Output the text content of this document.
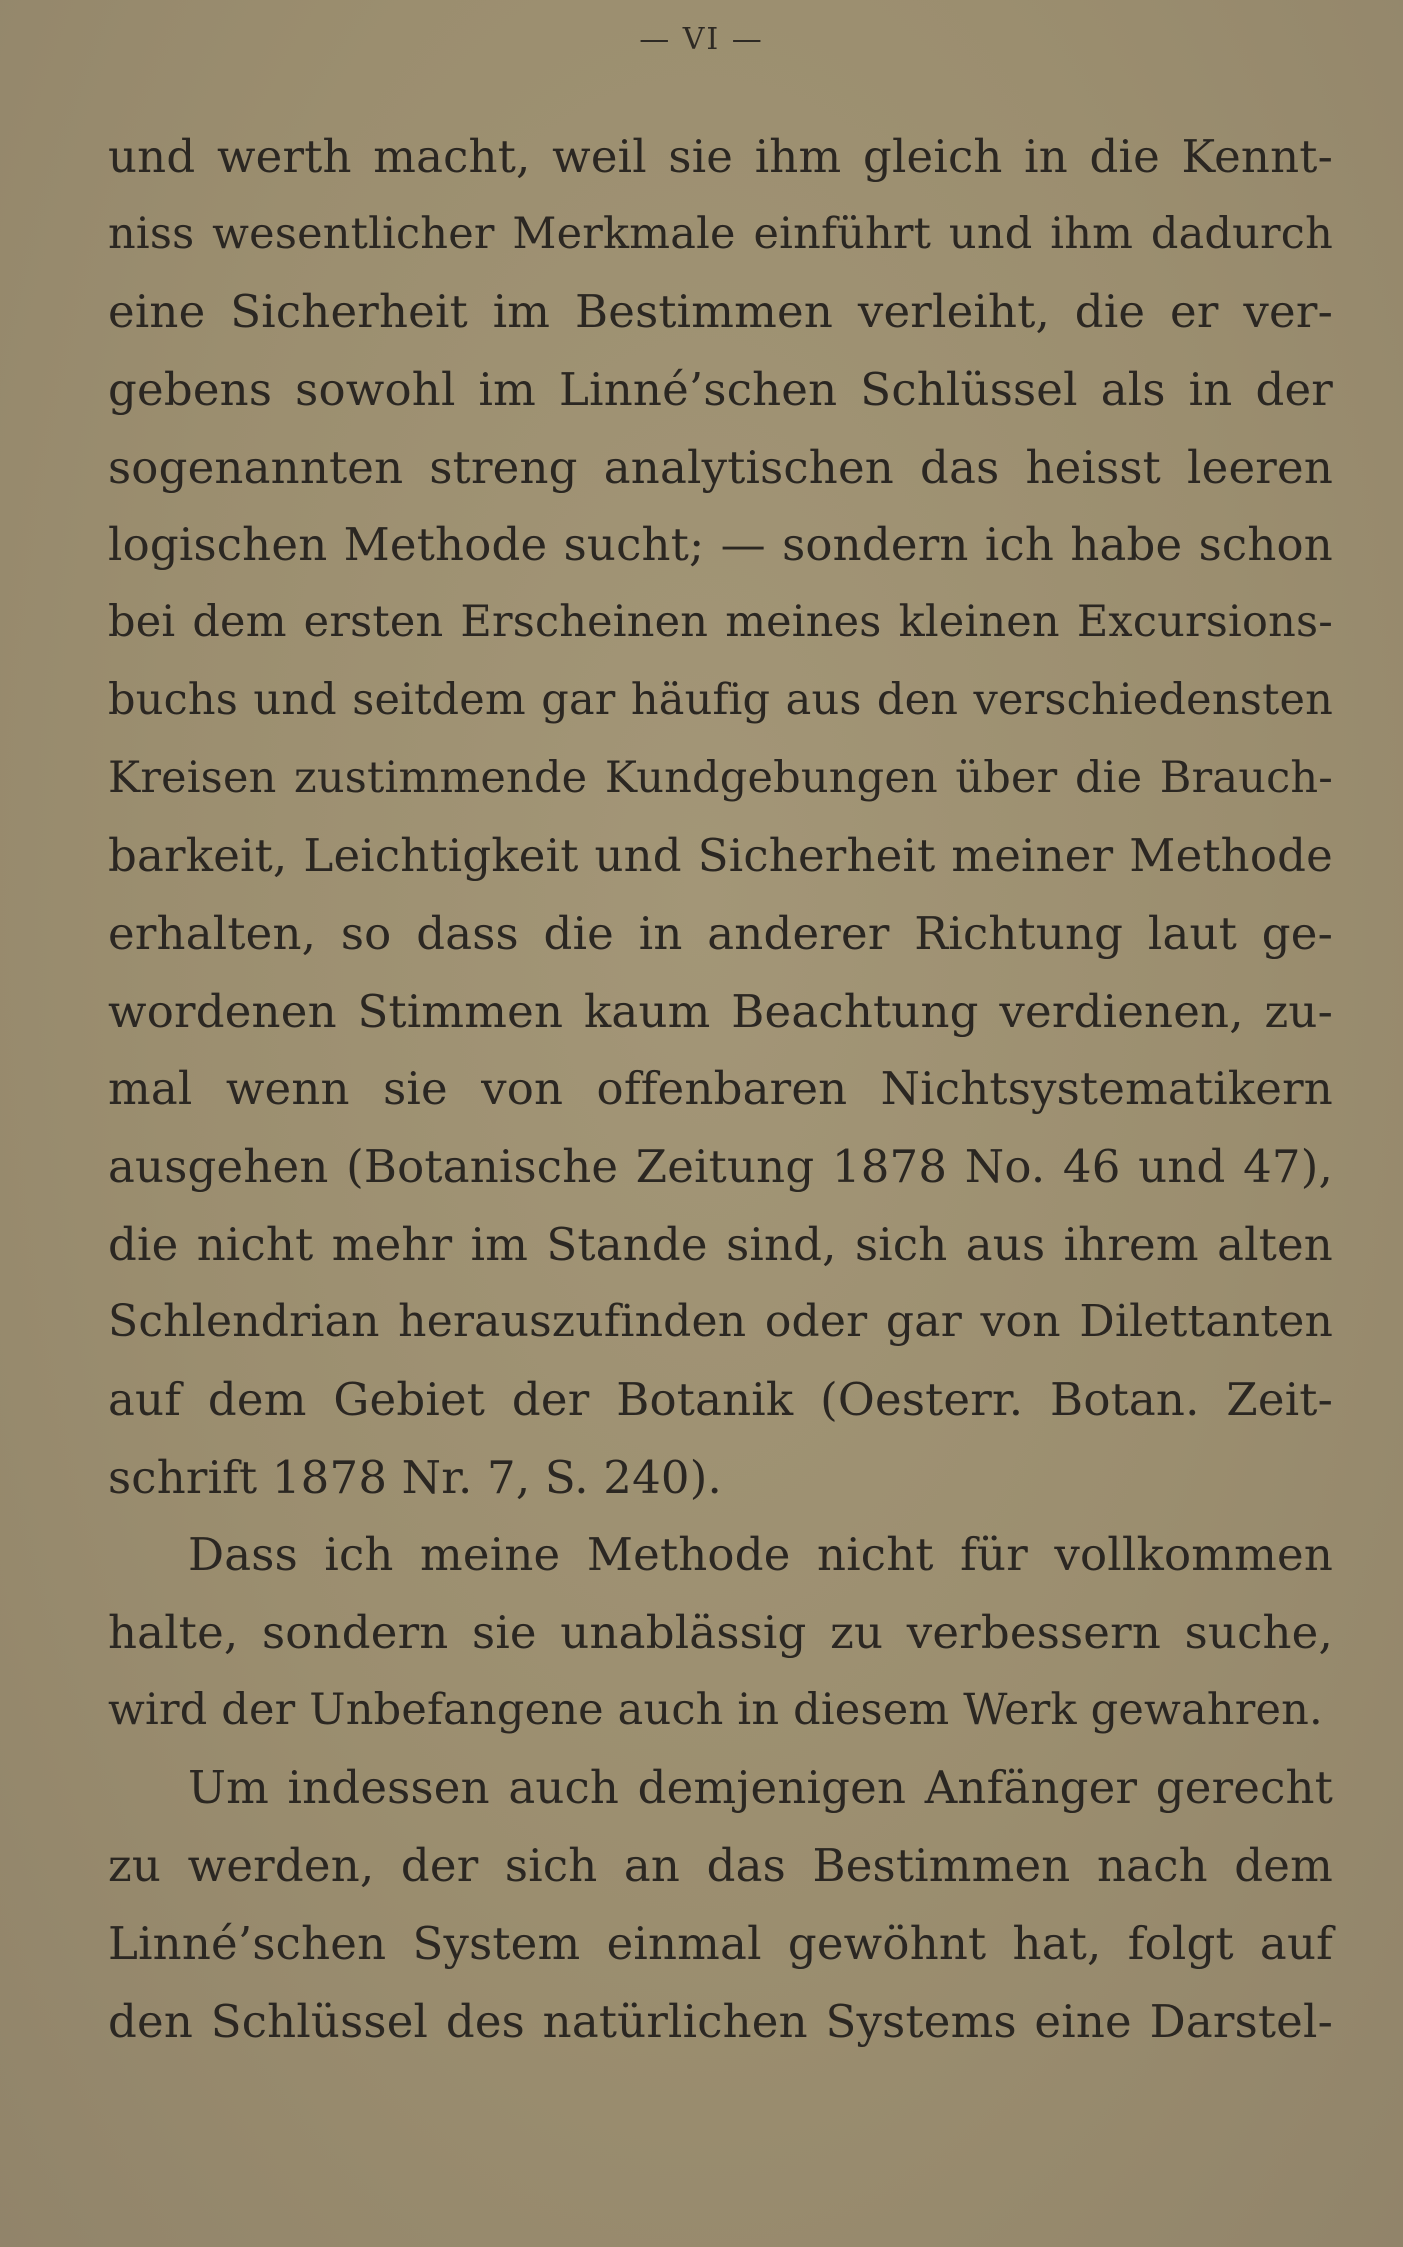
— VI —
und werth macht, weil sie ihm gleich in die Kennt-
niss wesentlicher Merkmale einführt und ihm dadurch
eine Sicherheit im Bestimmen verleiht, die er ver-
gebens sowohl im Linné’schen Schlüssel als in der
sogenannten streng analytischen das heisst leeren
logischen Methode sucht; — sondern ich habe schon
bei dem ersten Erscheinen meines kleinen Excursions-
buchs und seitdem gar häufig aus den verschiedensten
Kreisen zustimmende Kundgebungen über die Brauch-
barkeit, Leichtigkeit und Sicherheit meiner Methode
erhalten, so dass die in anderer Richtung laut ge-
wordenen Stimmen kaum Beachtung verdienen, zu-
mal wenn sie von offenbaren Nichtsystematikern
ausgehen (Botanische Zeitung 1878 No. 46 und 47),
die nicht mehr im Stande sind, sich aus ihrem alten
Schlendrian herauszufinden oder gar von Dilettanten
auf dem Gebiet der Botanik (Oesterr. Botan. Zeit-
schrift 1878 Nr. 7, S. 240).
Dass ich meine Methode nicht für vollkommen
halte, sondern sie unablässig zu verbessern suche,
wird der Unbefangene auch in diesem Werk gewahren.
Um indessen auch demjenigen Anfänger gerecht
zu werden, der sich an das Bestimmen nach dem
Linné’schen System einmal gewöhnt hat, folgt auf
den Schlüssel des natürlichen Systems eine Darstel-
